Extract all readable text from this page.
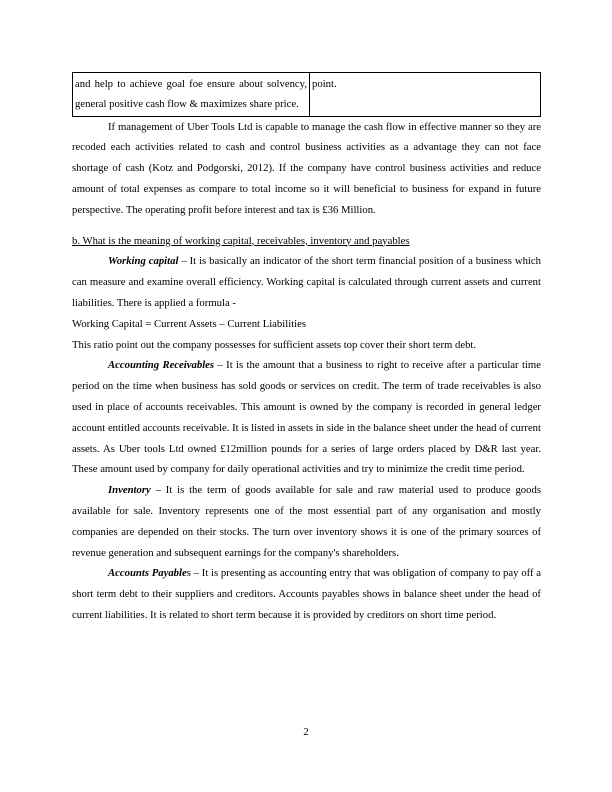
and help to achieve goal foe ensure about solvency, general positive cash flow & maximizes share price.	point.

If management of Uber Tools Ltd is capable to manage the cash flow in effective manner so they are recoded each activities related to cash and control business activities as a advantage they can not face shortage of cash (Kotz and Podgorski, 2012). If the company have control business activities and reduce amount of total expenses as compare to total income so it will beneficial to business for expand in future perspective. The operating profit before interest and tax is £36 Million.

b. What is the meaning of working capital, receivables, inventory and payables

Working capital – It is basically an indicator of the short term financial position of a business which can measure and examine overall efficiency. Working capital is calculated through current assets and current liabilities. There is applied a formula -

Working Capital = Current Assets – Current Liabilities

This ratio point out the company possesses for sufficient assets top cover their short term debt.

Accounting Receivables – It is the amount that a business to right to receive after a particular time period on the time when business has sold goods or services on credit. The term of trade receivables is also used in place of accounts receivables. This amount is owned by the company is recorded in general ledger account entitled accounts receivable. It is listed in assets in side in the balance sheet under the head of current assets. As Uber tools Ltd owned £12million pounds for a series of large orders placed by D&R last year. These amount used by company for daily operational activities and try to minimize the credit time period.

Inventory – It is the term of goods available for sale and raw material used to produce goods available for sale. Inventory represents one of the most essential part of any organisation and mostly companies are depended on their stocks. The turn over inventory shows it is one of the primary sources of revenue generation and subsequent earnings for the company's shareholders.

Accounts Payables – It is presenting as accounting entry that was obligation of company to pay off a short term debt to their suppliers and creditors. Accounts payables shows in balance sheet under the head of current liabilities. It is related to short term because it is provided by creditors on short time period.

2
